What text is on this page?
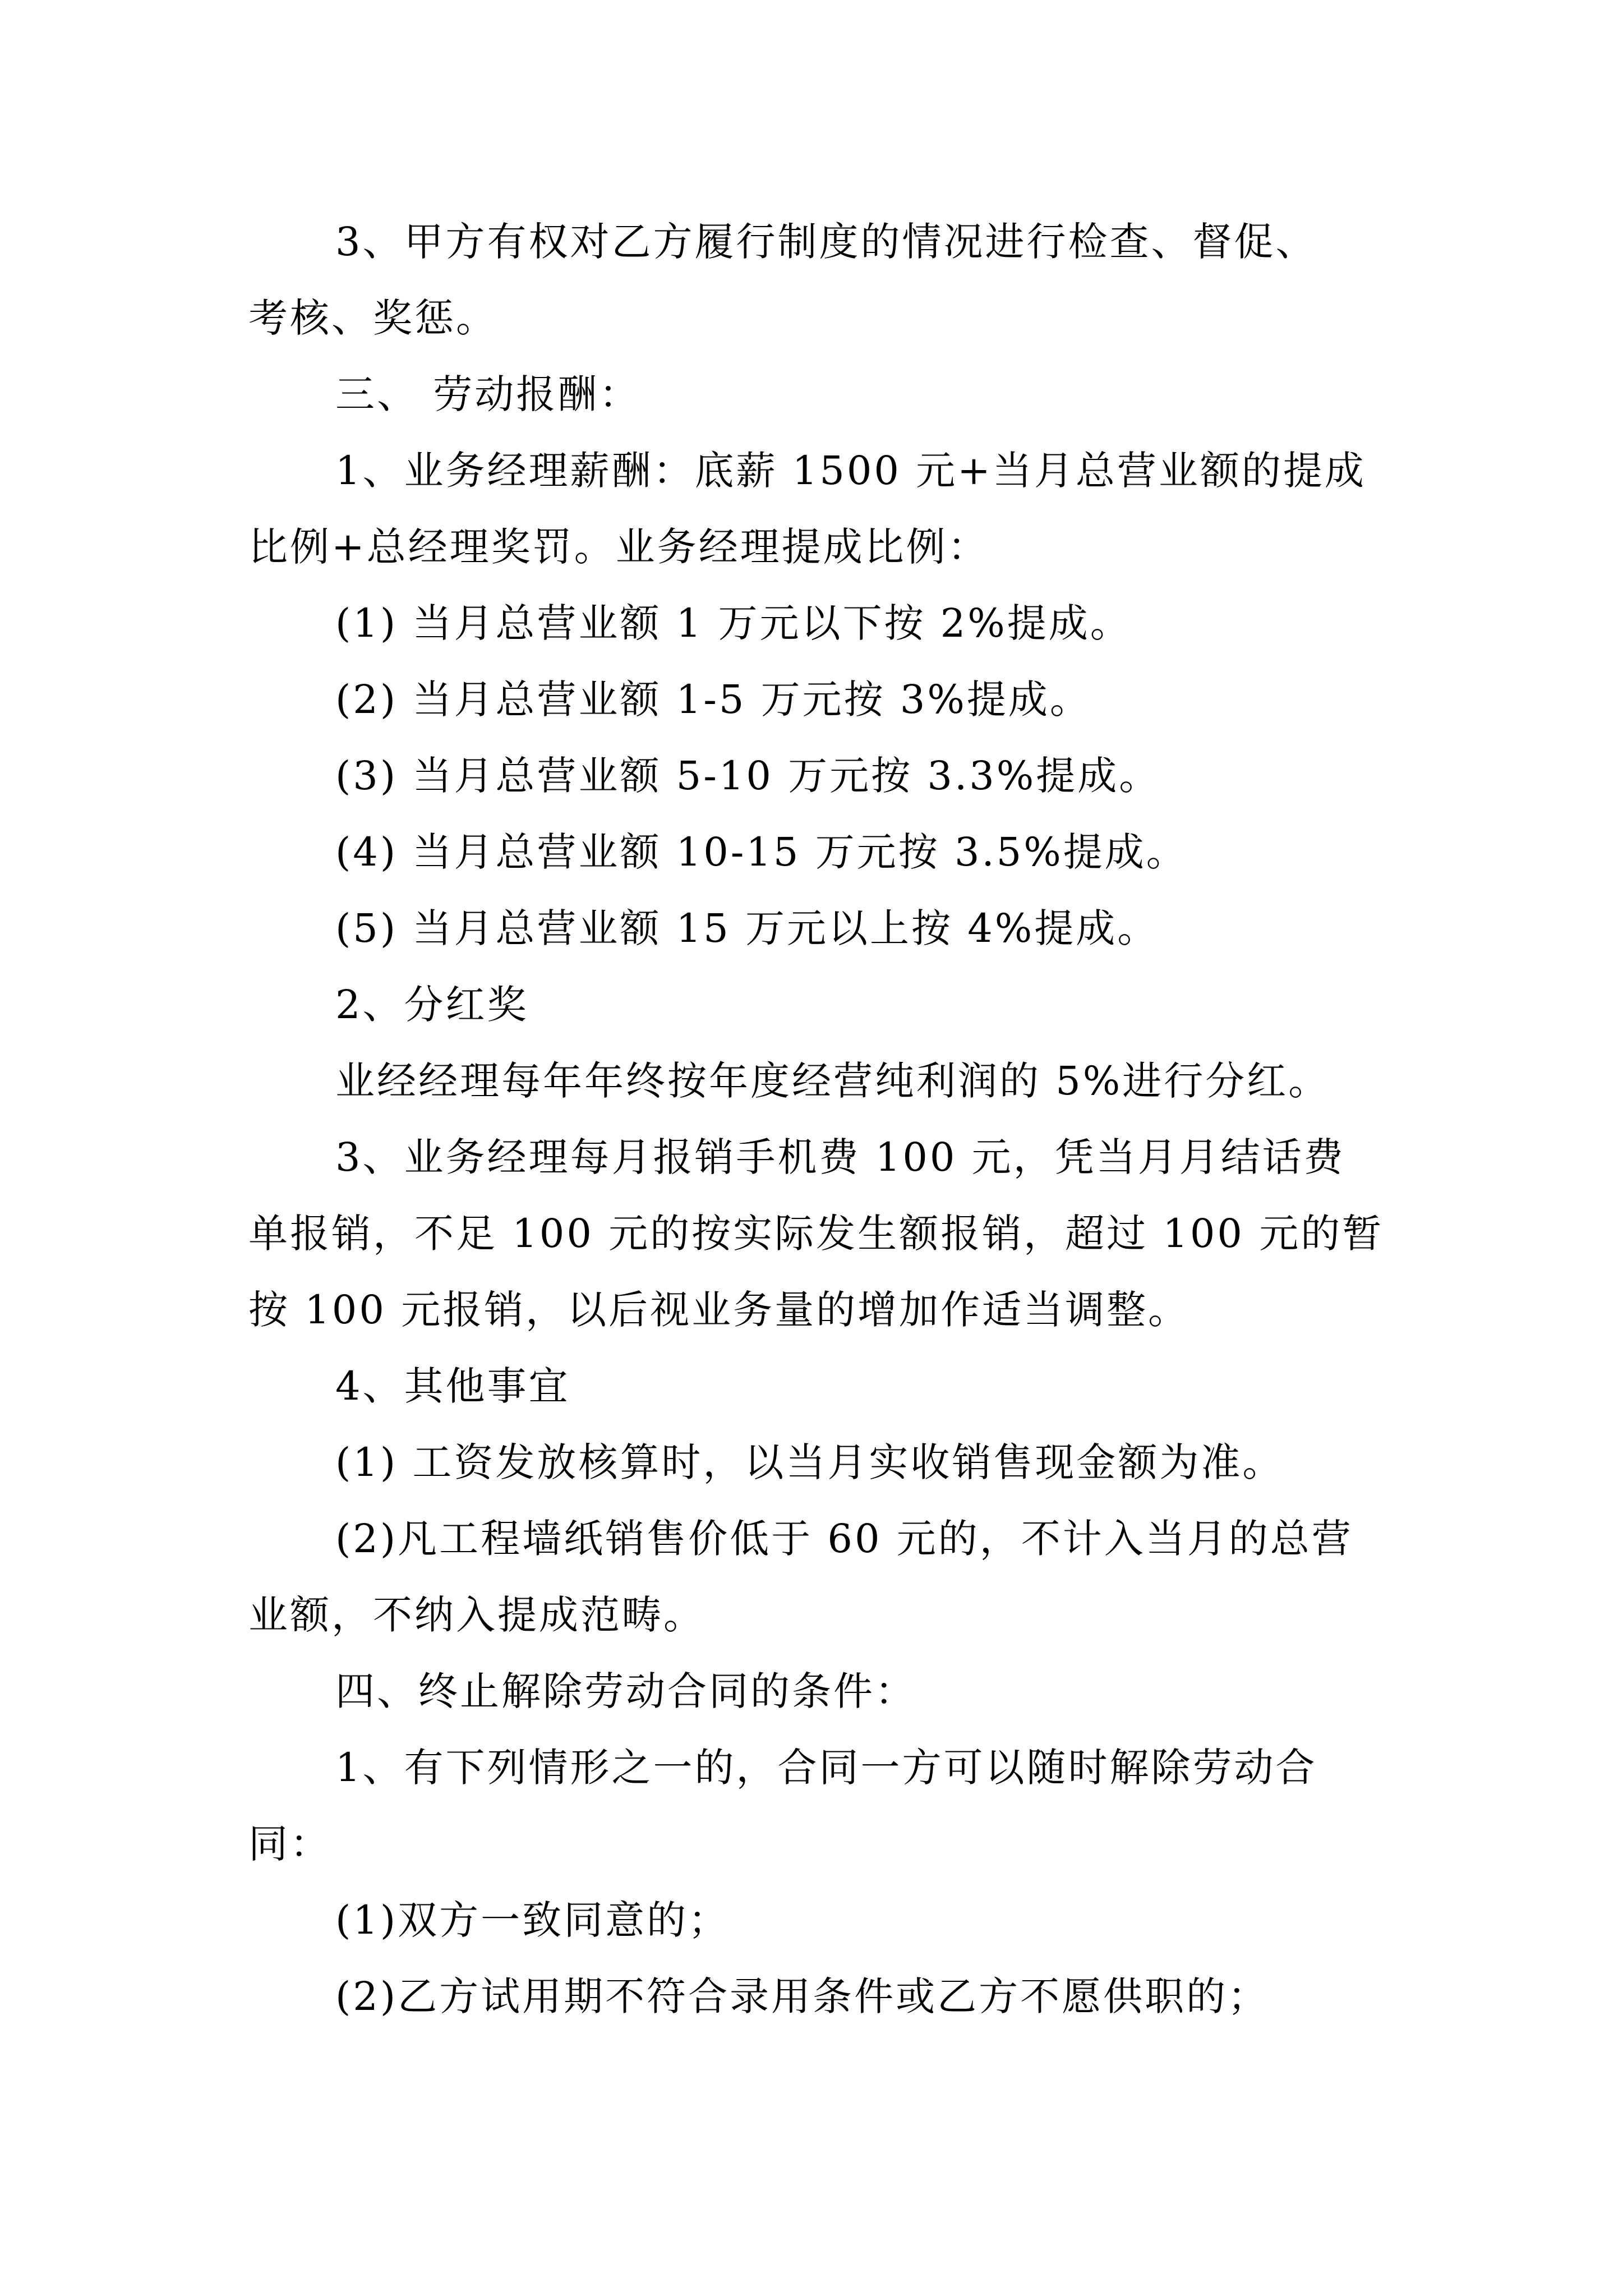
3、甲方有权对乙方履行制度的情况进行检查、督促、
考核、奖惩。
三、 劳动报酬：
1、业务经理薪酬：底薪 1500 元+当月总营业额的提成
比例+总经理奖罚。业务经理提成比例：
(1) 当月总营业额 1 万元以下按 2%提成。
(2) 当月总营业额 1-5 万元按 3%提成。
(3) 当月总营业额 5-10 万元按 3.3%提成。
(4) 当月总营业额 10-15 万元按 3.5%提成。
(5) 当月总营业额 15 万元以上按 4%提成。
2、分红奖
业经经理每年年终按年度经营纯利润的 5%进行分红。
3、业务经理每月报销手机费 100 元，凭当月月结话费
单报销，不足 100 元的按实际发生额报销，超过 100 元的暂
按 100 元报销，以后视业务量的增加作适当调整。
4、其他事宜
(1) 工资发放核算时，以当月实收销售现金额为准。
(2)凡工程墙纸销售价低于 60 元的，不计入当月的总营
业额，不纳入提成范畴。
四、终止解除劳动合同的条件：
1、有下列情形之一的，合同一方可以随时解除劳动合
同：
(1)双方一致同意的；
(2)乙方试用期不符合录用条件或乙方不愿供职的；
